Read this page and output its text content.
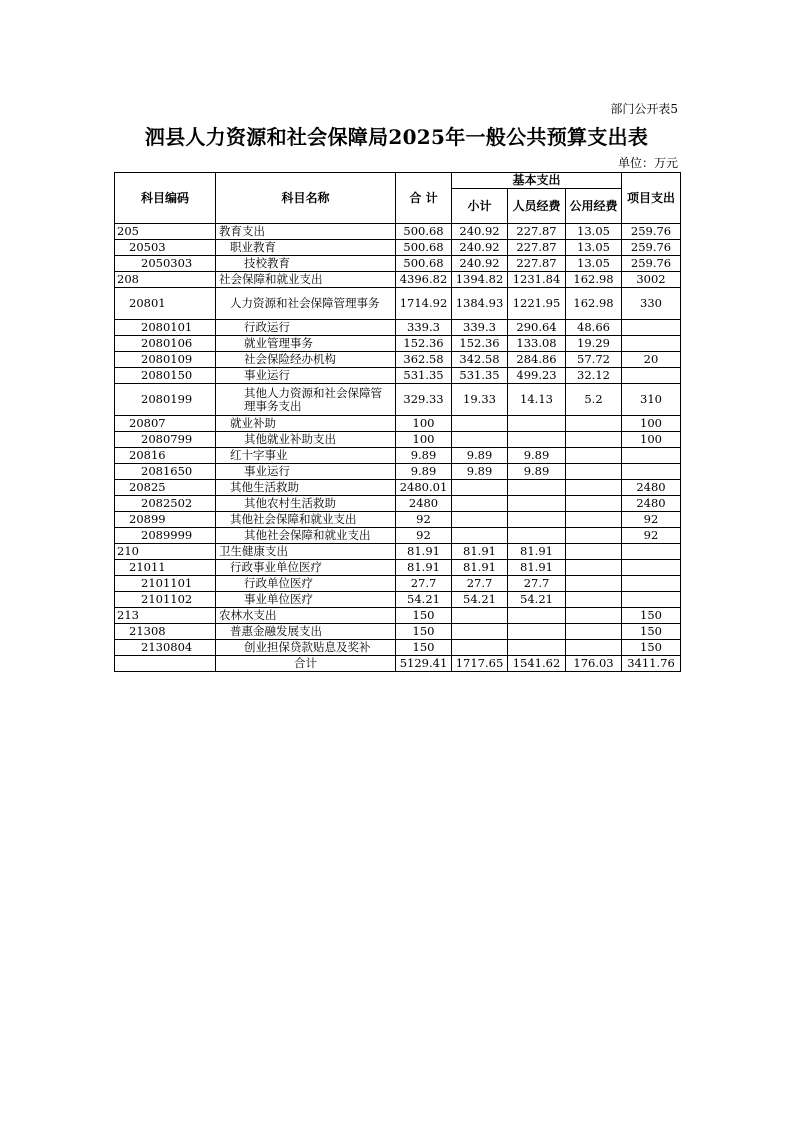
部门公开表5
泗县人力资源和社会保障局2025年一般公共预算支出表
单位：万元
科目编码	科目名称	合 计	基本支出			项目支出
			小计	人员经费	公用经费	
205	教育支出	500.68	240.92	227.87	13.05	259.76
20503	职业教育	500.68	240.92	227.87	13.05	259.76
2050303	技校教育	500.68	240.92	227.87	13.05	259.76
208	社会保障和就业支出	4396.82	1394.82	1231.84	162.98	3002
20801	人力资源和社会保障管理事务	1714.92	1384.93	1221.95	162.98	330
2080101	行政运行	339.3	339.3	290.64	48.66	
2080106	就业管理事务	152.36	152.36	133.08	19.29	
2080109	社会保险经办机构	362.58	342.58	284.86	57.72	20
2080150	事业运行	531.35	531.35	499.23	32.12	
2080199	其他人力资源和社会保障管理事务支出	329.33	19.33	14.13	5.2	310
20807	就业补助	100				100
2080799	其他就业补助支出	100				100
20816	红十字事业	9.89	9.89	9.89		
2081650	事业运行	9.89	9.89	9.89		
20825	其他生活救助	2480.01				2480
2082502	其他农村生活救助	2480				2480
20899	其他社会保障和就业支出	92				92
2089999	其他社会保障和就业支出	92				92
210	卫生健康支出	81.91	81.91	81.91		
21011	行政事业单位医疗	81.91	81.91	81.91		
2101101	行政单位医疗	27.7	27.7	27.7		
2101102	事业单位医疗	54.21	54.21	54.21		
213	农林水支出	150				150
21308	普惠金融发展支出	150				150
2130804	创业担保贷款贴息及奖补	150				150
	合计	5129.41	1717.65	1541.62	176.03	3411.76
